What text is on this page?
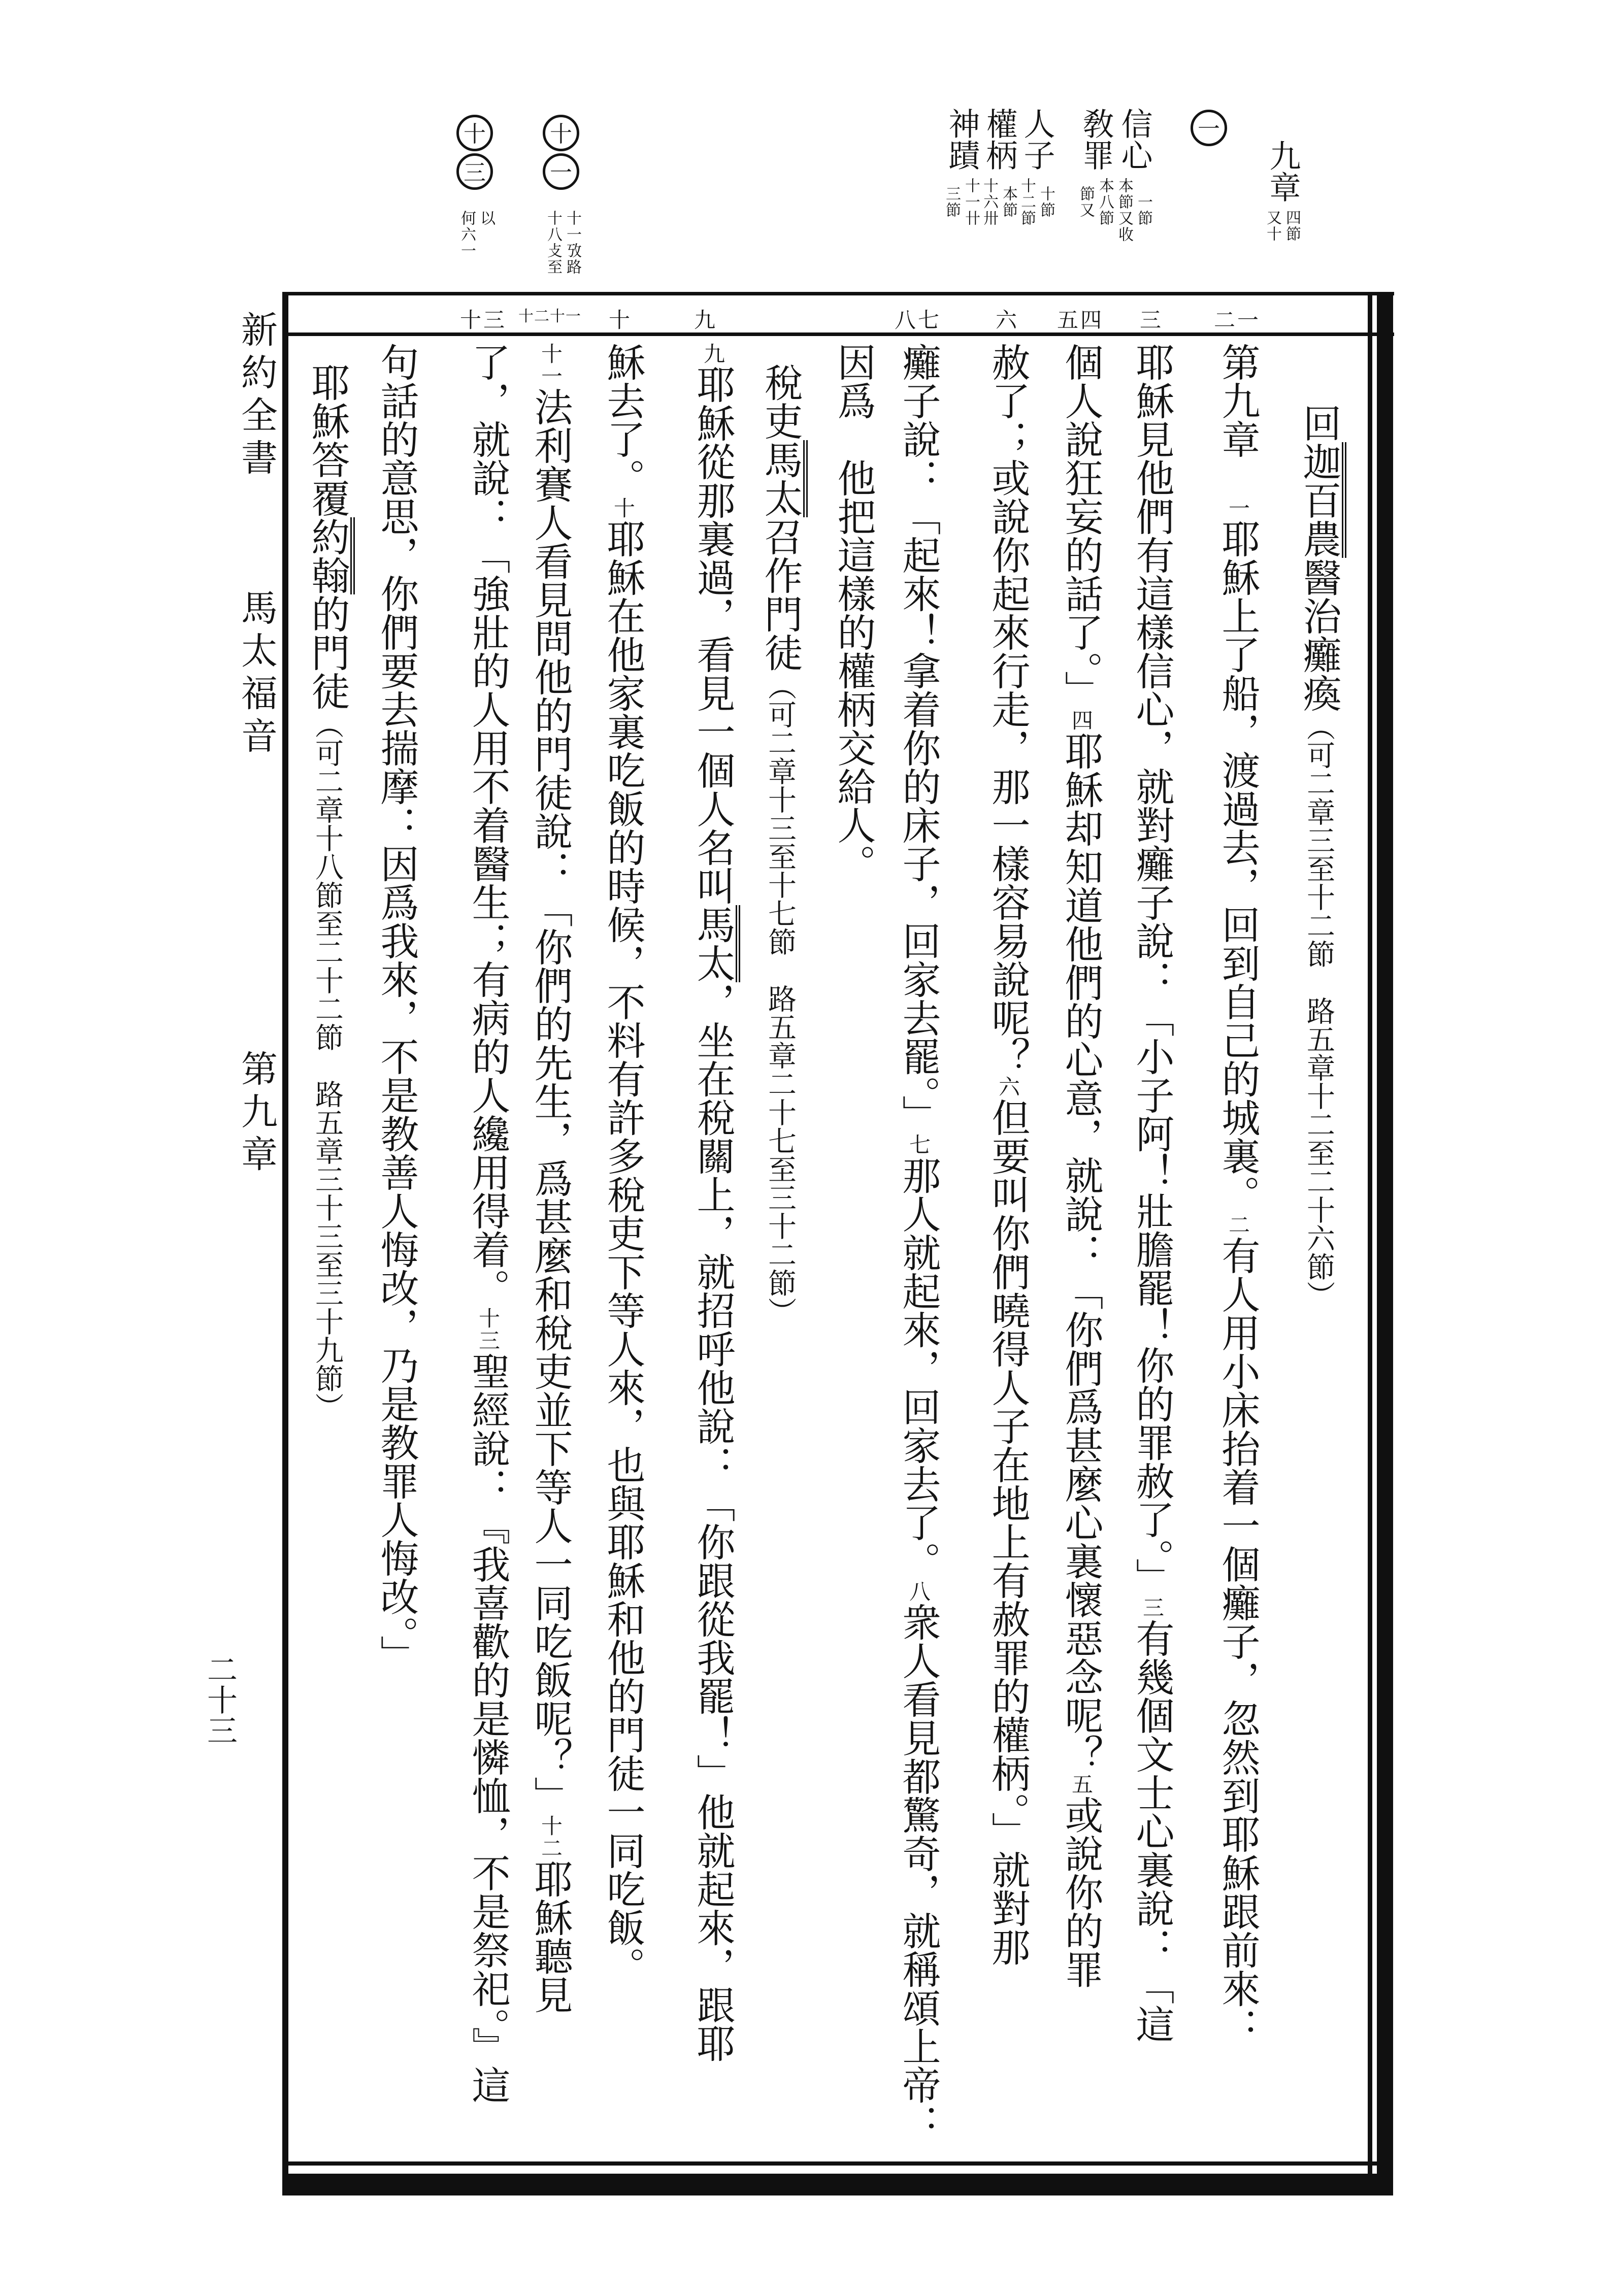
新約全書 馬太福音 第九章
二十三
九章
四節
又十
一
信心
一節
本節又收
敎罪
本八節
節又
人子
十節
十二節
權柄
本節
十六卅
神蹟
十一卄
三節
十
一
十一攷路
十八攴至
十
三
以
何六一
二一
三
五四
六
八七
九
十
十二十一
十三
回迦百農醫治癱瘓（可二章三至十二節　路五章十二至二十六節）
第九章　一耶穌上了船，渡過去，回到自己的城裏。二有人用小床抬着一個癱子，忽然到耶穌跟前來：
耶穌見他們有這樣信心，就對癱子說：「小子阿！壯膽罷！你的罪赦了。」三有幾個文士心裏說：「這
個人說狂妄的話了。」四耶穌却知道他們的心意，就說：「你們爲甚麼心裏懷惡念呢？五或說你的罪
赦了；或說你起來行走，那一樣容易說呢？六但要叫你們曉得人子在地上有赦罪的權柄。」就對那
癱子說：「起來！拿着你的床子，回家去罷。」七那人就起來，回家去了。八衆人看見都驚奇，就稱頌上帝：
因爲　他把這樣的權柄交給人。
稅吏馬太召作門徒（可二章十三至十七節　路五章二十七至三十二節）
九耶穌從那裏過，看見一個人名叫馬太，坐在稅關上，就招呼他說：「你跟從我罷！」他就起來，跟耶
穌去了。十耶穌在他家裏吃飯的時候，不料有許多稅吏下等人來，也與耶穌和他的門徒一同吃飯。
十一法利賽人看見問他的門徒說：「你們的先生，爲甚麼和稅吏並下等人一同吃飯呢？」十二耶穌聽見
了，就說：「強壯的人用不着醫生；有病的人纔用得着。十三聖經說：『我喜歡的是憐恤，不是祭祀。』這
句話的意思，你們要去揣摩：因爲我來，不是教善人悔改，乃是教罪人悔改。」
耶穌答覆約翰的門徒（可二章十八節至二十二節　路五章三十三至三十九節）
